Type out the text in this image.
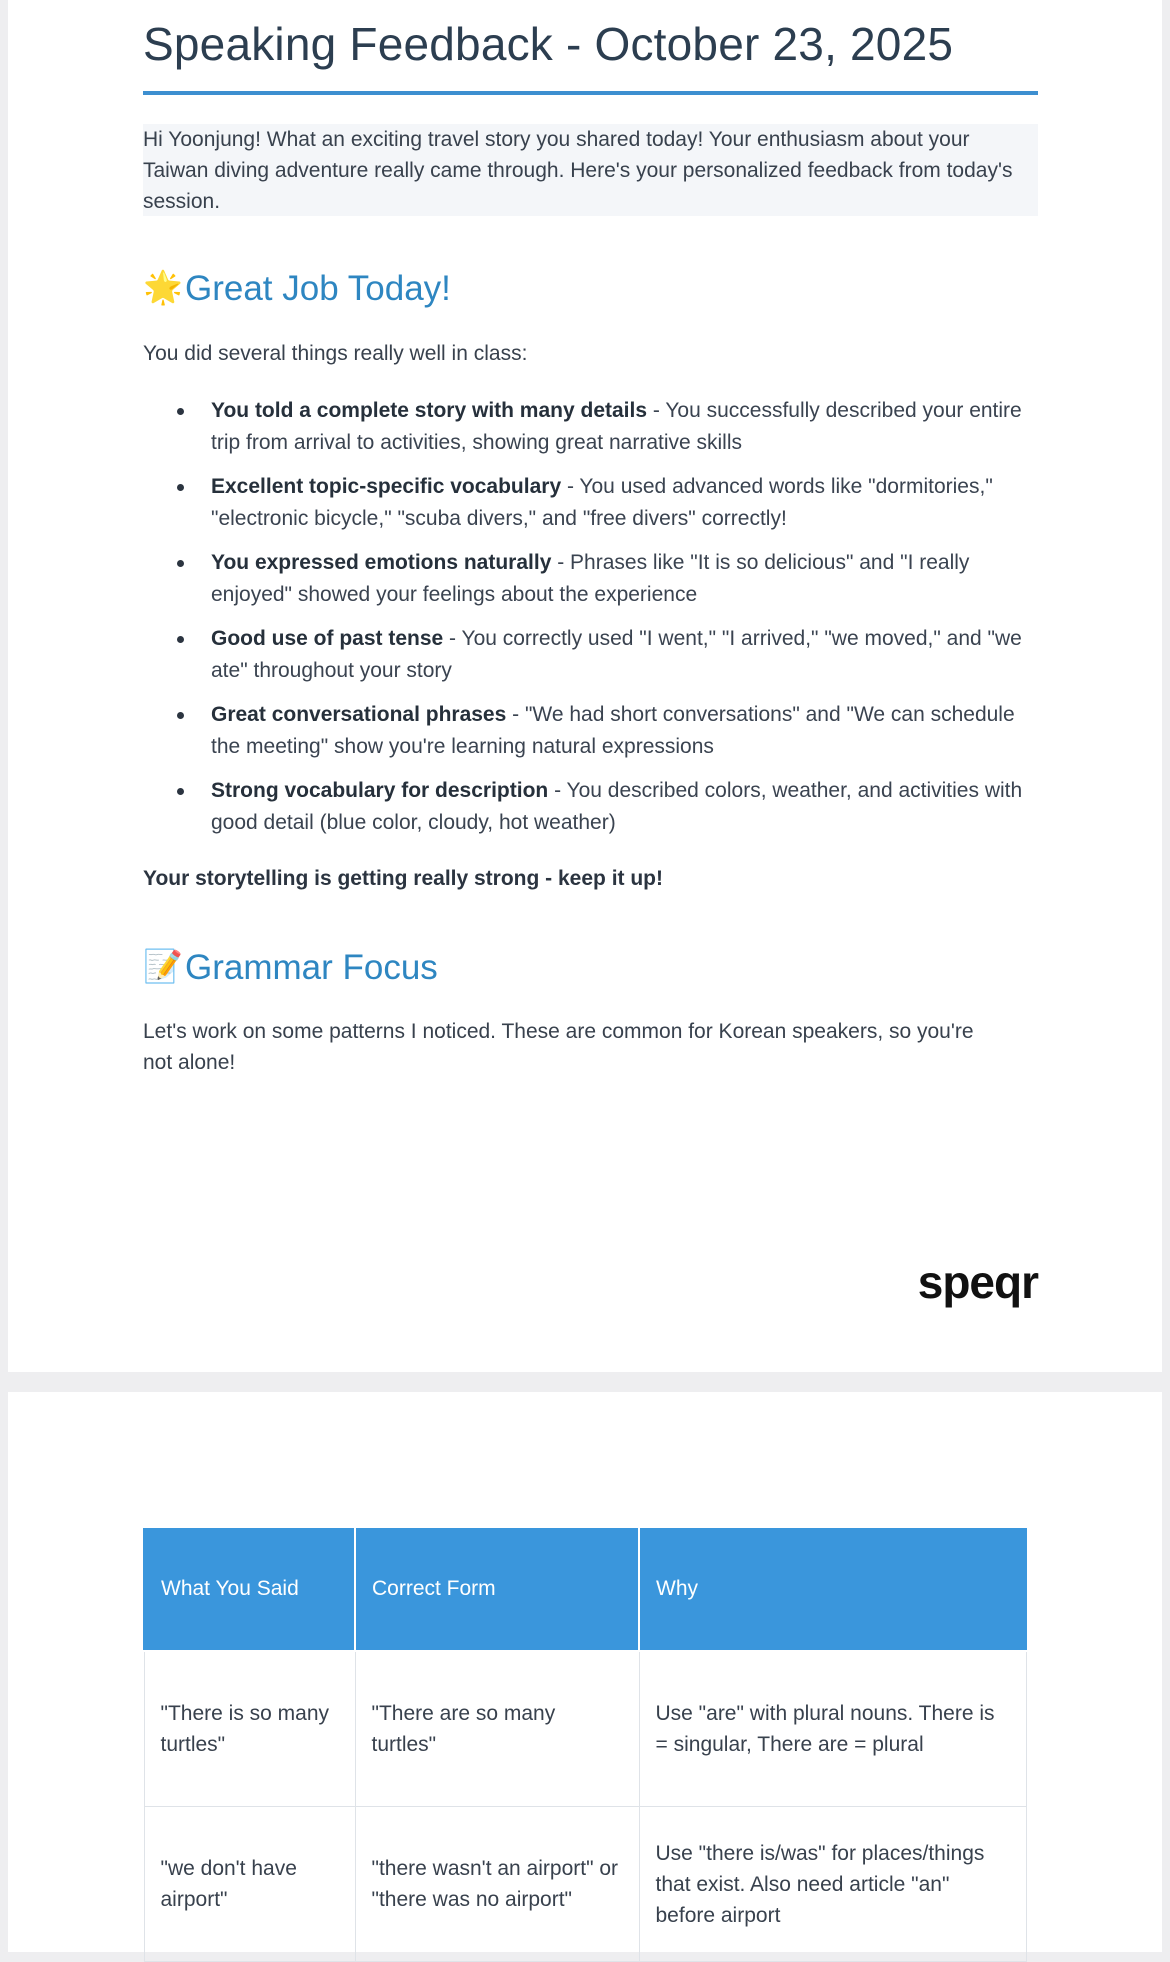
Speaking Feedback - October 23, 2025

Hi Yoonjung! What an exciting travel story you shared today! Your enthusiasm about your Taiwan diving adventure really came through. Here's your personalized feedback from today's session.

🌟Great Job Today!

You did several things really well in class:

You told a complete story with many details - You successfully described your entire trip from arrival to activities, showing great narrative skills
Excellent topic-specific vocabulary - You used advanced words like "dormitories," "electronic bicycle," "scuba divers," and "free divers" correctly!
You expressed emotions naturally - Phrases like "It is so delicious" and "I really enjoyed" showed your feelings about the experience
Good use of past tense - You correctly used "I went," "I arrived," "we moved," and "we ate" throughout your story
Great conversational phrases - "We had short conversations" and "We can schedule the meeting" show you're learning natural expressions
Strong vocabulary for description - You described colors, weather, and activities with good detail (blue color, cloudy, hot weather)

Your storytelling is getting really strong - keep it up!

📝Grammar Focus

Let's work on some patterns I noticed. These are common for Korean speakers, so you're not alone!

speqr
What You Said	Correct Form	Why
"There is so many turtles"	"There are so many turtles"	Use "are" with plural nouns. There is = singular, There are = plural
"we don't have airport"	"there wasn't an airport" or "there was no airport"	Use "there is/was" for places/things that exist. Also need article "an" before airport
